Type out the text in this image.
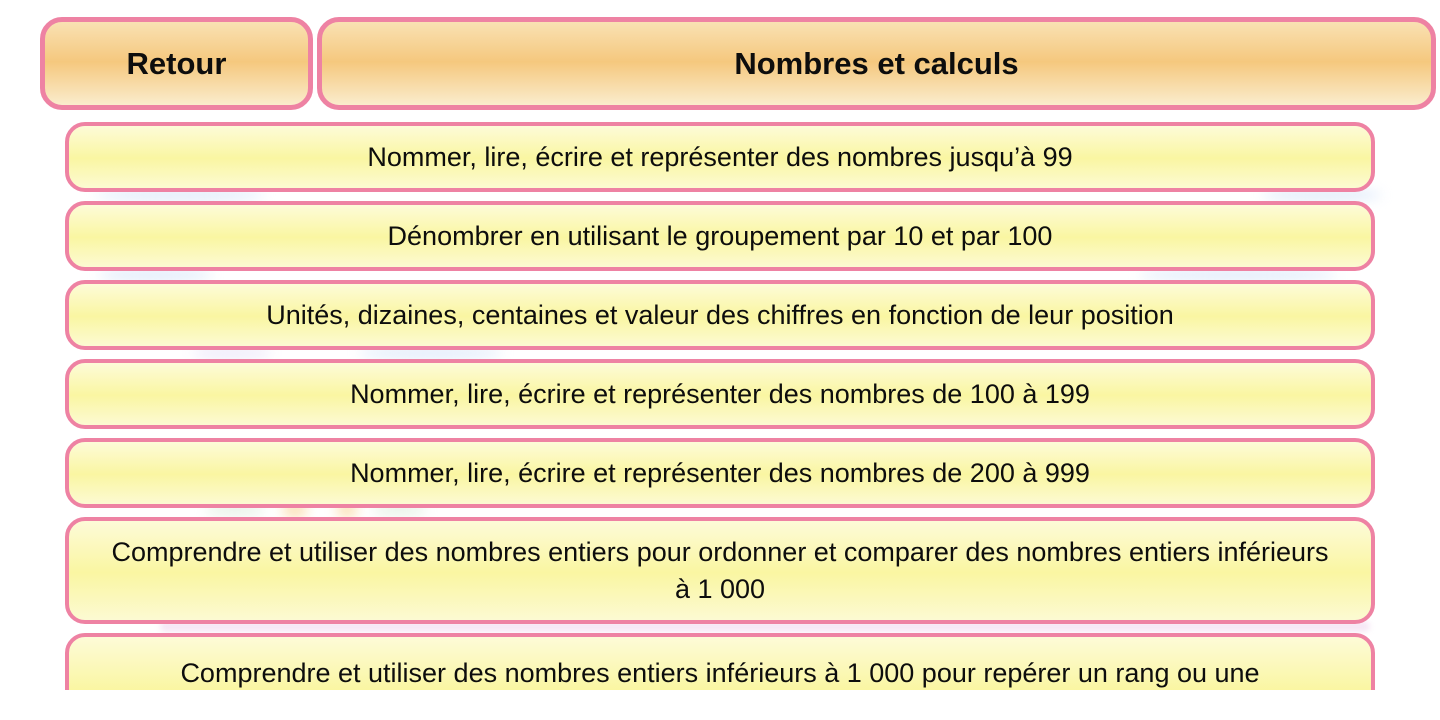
Retour	Nombres et calculs
Nommer, lire, écrire et représenter des nombres jusqu’à 99
Dénombrer en utilisant le groupement par 10 et par 100
Unités, dizaines, centaines et valeur des chiffres en fonction de leur position
Nommer, lire, écrire et représenter des nombres de 100 à 199
Nommer, lire, écrire et représenter des nombres de 200 à 999
Comprendre et utiliser des nombres entiers pour ordonner et comparer des nombres entiers inférieurs à 1 000
Comprendre et utiliser des nombres entiers inférieurs à 1 000 pour repérer un rang ou une
